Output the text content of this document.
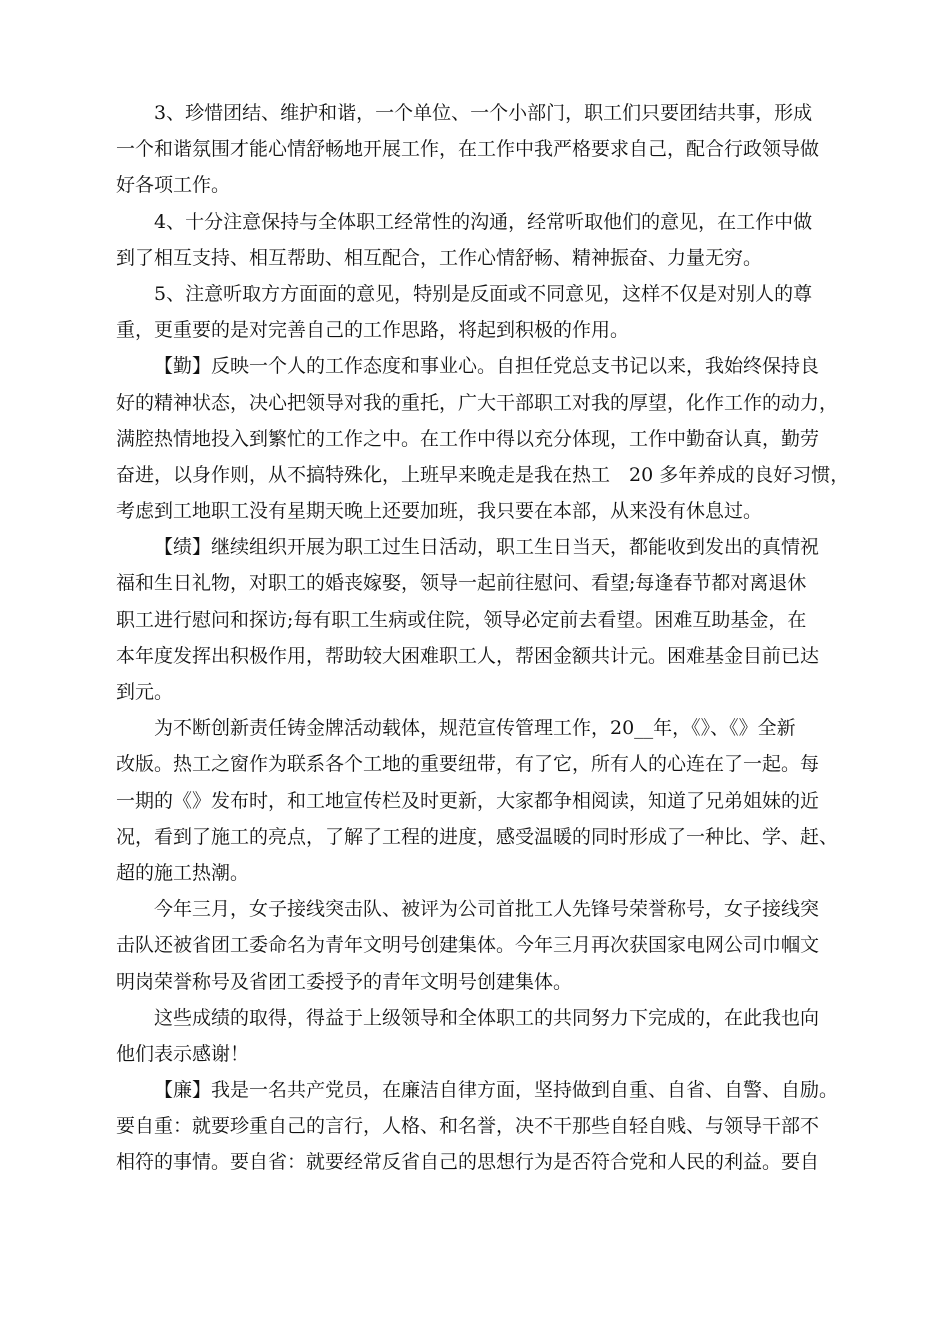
3、珍惜团结、维护和谐，一个单位、一个小部门，职工们只要团结共事，形成
一个和谐氛围才能心情舒畅地开展工作，在工作中我严格要求自己，配合行政领导做
好各项工作。
4、十分注意保持与全体职工经常性的沟通，经常听取他们的意见，在工作中做
到了相互支持、相互帮助、相互配合，工作心情舒畅、精神振奋、力量无穷。
5、注意听取方方面面的意见，特别是反面或不同意见，这样不仅是对别人的尊
重，更重要的是对完善自己的工作思路，将起到积极的作用。
【勤】反映一个人的工作态度和事业心。自担任党总支书记以来，我始终保持良
好的精神状态，决心把领导对我的重托，广大干部职工对我的厚望，化作工作的动力，
满腔热情地投入到繁忙的工作之中。在工作中得以充分体现，工作中勤奋认真，勤劳
奋进，以身作则，从不搞特殊化，上班早来晚走是我在热工　20 多年养成的良好习惯，
考虑到工地职工没有星期天晚上还要加班，我只要在本部，从来没有休息过。
【绩】继续组织开展为职工过生日活动，职工生日当天，都能收到发出的真情祝
福和生日礼物，对职工的婚丧嫁娶，领导一起前往慰问、看望;每逢春节都对离退休
职工进行慰问和探访;每有职工生病或住院，领导必定前去看望。困难互助基金，在
本年度发挥出积极作用，帮助较大困难职工人，帮困金额共计元。困难基金目前已达
到元。
为不断创新责任铸金牌活动载体，规范宣传管理工作，20__年，《》、《》全新
改版。热工之窗作为联系各个工地的重要纽带，有了它，所有人的心连在了一起。每
一期的《》发布时，和工地宣传栏及时更新，大家都争相阅读，知道了兄弟姐妹的近
况，看到了施工的亮点，了解了工程的进度，感受温暖的同时形成了一种比、学、赶、
超的施工热潮。
今年三月，女子接线突击队、被评为公司首批工人先锋号荣誉称号，女子接线突
击队还被省团工委命名为青年文明号创建集体。今年三月再次获国家电网公司巾帼文
明岗荣誉称号及省团工委授予的青年文明号创建集体。
这些成绩的取得，得益于上级领导和全体职工的共同努力下完成的，在此我也向
他们表示感谢！
【廉】我是一名共产党员，在廉洁自律方面，坚持做到自重、自省、自警、自励。
要自重：就要珍重自己的言行，人格、和名誉，决不干那些自轻自贱、与领导干部不
相符的事情。要自省：就要经常反省自己的思想行为是否符合党和人民的利益。要自
